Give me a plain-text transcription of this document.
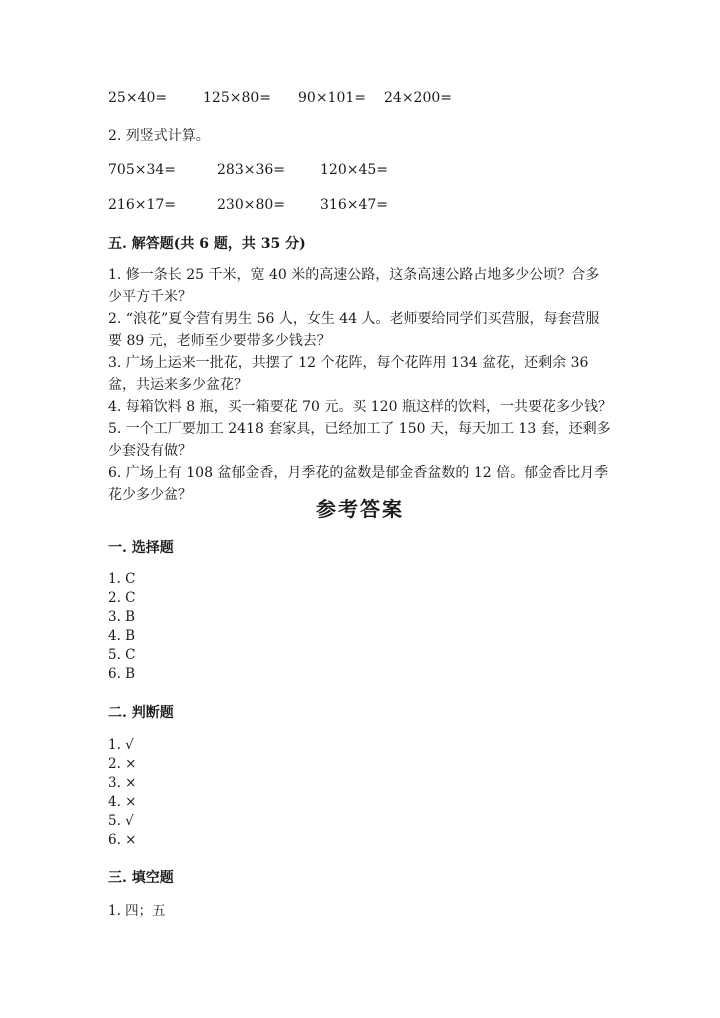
25×40=	125×80= 90×101= 24×200=
2. 列竖式计算。
705×34=	283×36=	120×45=
216×17=	230×80=	316×47=
五. 解答题(共 6 题，共 35 分)
1. 修一条长 25 千米，宽 40 米的高速公路，这条高速公路占地多少公顷？合多少平方千米？
2. “浪花”夏令营有男生 56 人，女生 44 人。老师要给同学们买营服，每套营服要 89 元，老师至少要带多少钱去？
3. 广场上运来一批花，共摆了 12 个花阵，每个花阵用 134 盆花，还剩余 36 盆，共运来多少盆花？
4. 每箱饮料 8 瓶，买一箱要花 70 元。买 120 瓶这样的饮料，一共要花多少钱？
5. 一个工厂要加工 2418 套家具，已经加工了 150 天，每天加工 13 套，还剩多少套没有做？
6. 广场上有 108 盆郁金香，月季花的盆数是郁金香盆数的 12 倍。郁金香比月季花少多少盆？
参考答案
一. 选择题
1. C
2. C
3. B
4. B
5. C
6. B
二. 判断题
1. √
2. ×
3. ×
4. ×
5. √
6. ×
三. 填空题
1. 四；五
